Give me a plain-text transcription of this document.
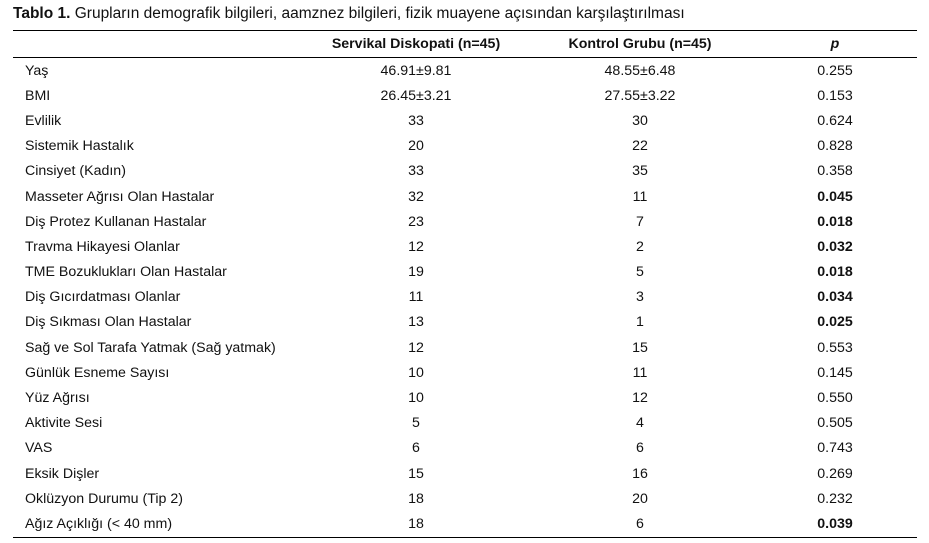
Tablo 1. Grupların demografik bilgileri, aamznez bilgileri, fizik muayene açısından karşılaştırılması
	Servikal Diskopati (n=45)	Kontrol Grubu (n=45)	p
Yaş	46.91±9.81	48.55±6.48	0.255
BMI	26.45±3.21	27.55±3.22	0.153
Evlilik	33	30	0.624
Sistemik Hastalık	20	22	0.828
Cinsiyet (Kadın)	33	35	0.358
Masseter Ağrısı Olan Hastalar	32	11	0.045
Diş Protez Kullanan Hastalar	23	7	0.018
Travma Hikayesi Olanlar	12	2	0.032
TME Bozuklukları Olan Hastalar	19	5	0.018
Diş Gıcırdatması Olanlar	11	3	0.034
Diş Sıkması Olan Hastalar	13	1	0.025
Sağ ve Sol Tarafa Yatmak (Sağ yatmak)	12	15	0.553
Günlük Esneme Sayısı	10	11	0.145
Yüz Ağrısı	10	12	0.550
Aktivite Sesi	5	4	0.505
VAS	6	6	0.743
Eksik Dişler	15	16	0.269
Oklüzyon Durumu (Tip 2)	18	20	0.232
Ağız Açıklığı (< 40 mm)	18	6	0.039
